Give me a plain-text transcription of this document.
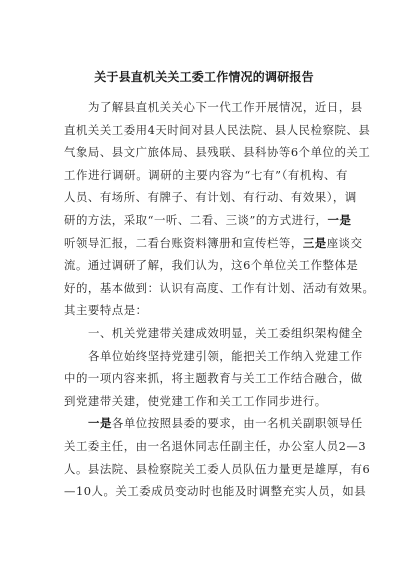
关于县直机关关工委工作情况的调研报告
为了解县直机关关心下一代工作开展情况，近日，县
直机关关工委用4天时间对县人民法院、县人民检察院、县
气象局、县文广旅体局、县残联、县科协等6个单位的关工
工作进行调研。调研的主要内容为“七有”（有机构、有
人员、有场所、有牌子、有计划、有行动、有效果），调
研的方法，采取“一听、二看、三谈”的方式进行，一是
听领导汇报，二看台账资料簿册和宣传栏等，三是座谈交
流。通过调研了解，我们认为，这6个单位关工作整体是
好的，基本做到：认识有高度、工作有计划、活动有效果。
其主要特点是：
一、机关党建带关建成效明显，关工委组织架构健全
各单位始终坚持党建引领，能把关工作纳入党建工作
中的一项内容来抓，将主题教育与关工工作结合融合，做
到党建带关建，使党建工作和关工工作同步进行。
一是各单位按照县委的要求，由一名机关副职领导任
关工委主任，由一名退休同志任副主任，办公室人员2—3
人。县法院、县检察院关工委人员队伍力量更是雄厚，有6
—10人。关工委成员变动时也能及时调整充实人员，如县
